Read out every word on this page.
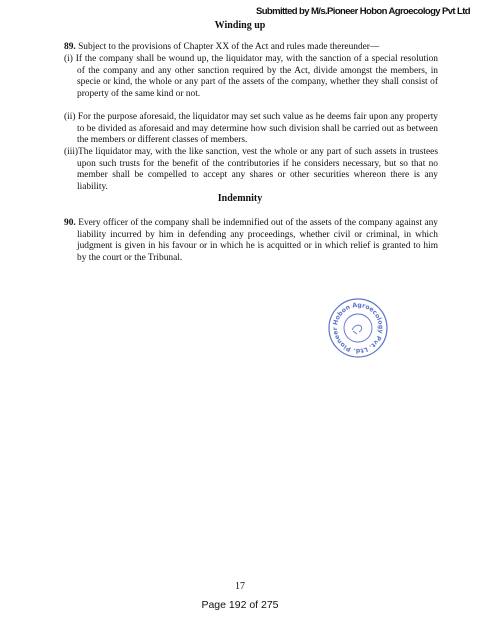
Submitted by M/s.Pioneer Hobon Agroecology Pvt Ltd
Winding up
89. Subject to the provisions of Chapter XX of the Act and rules made thereunder—
(i) If the company shall be wound up, the liquidator may, with the sanction of a special resolution of the company and any other sanction required by the Act, divide amongst the members, in specie or kind, the whole or any part of the assets of the company, whether they shall consist of property of the same kind or not.
(ii) For the purpose aforesaid, the liquidator may set such value as he deems fair upon any property to be divided as aforesaid and may determine how such division shall be carried out as between the members or different classes of members.
(iii)The liquidator may, with the like sanction, vest the whole or any part of such assets in trustees upon such trusts for the benefit of the contributories if he considers necessary, but so that no member shall be compelled to accept any shares or other securities whereon there is any liability.
Indemnity
90. Every officer of the company shall be indemnified out of the assets of the company against any liability incurred by him in defending any proceedings, whether civil or criminal, in which judgment is given in his favour or in which he is acquitted or in which relief is granted to him by the court or the Tribunal.
Hobon Agroecology Pvt. Ltd. Pioneer
17
Page 192 of 275
